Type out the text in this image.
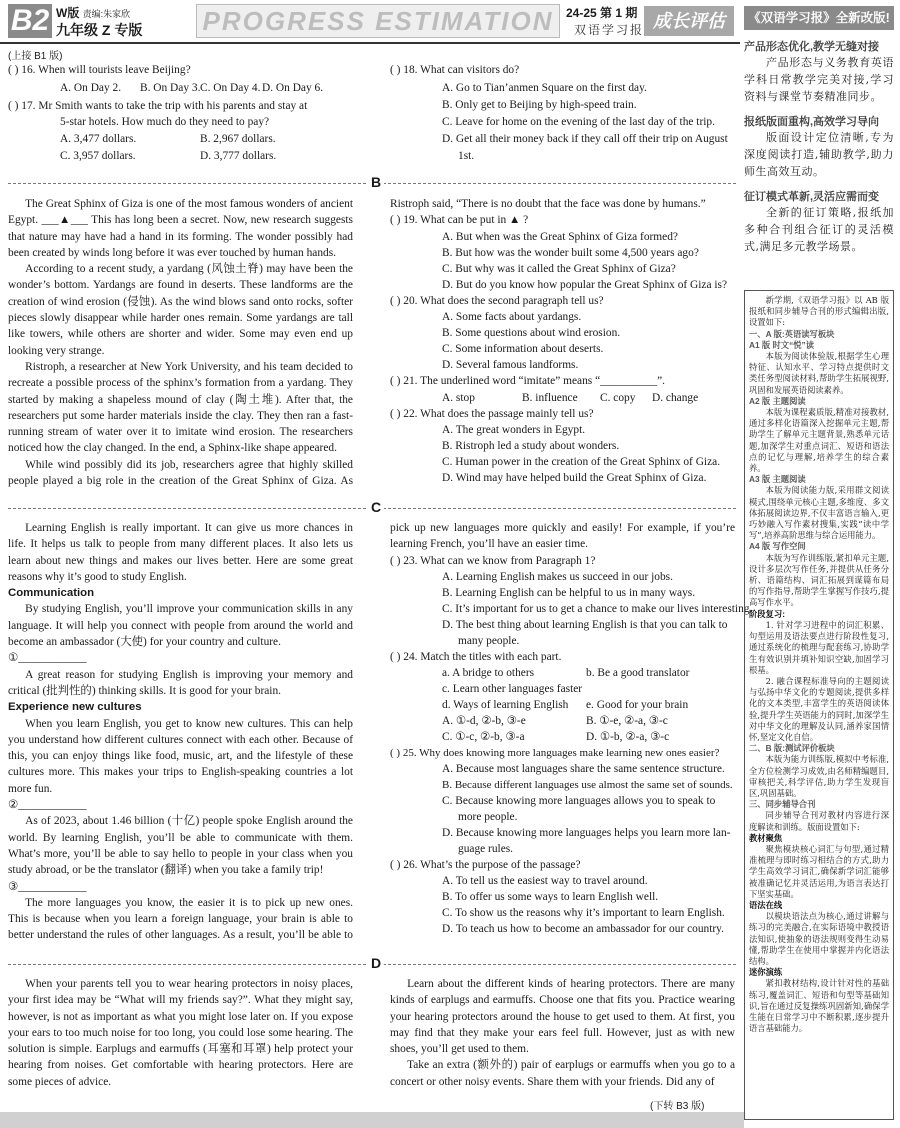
B2 W版 责编:朱家欣
九年级 Z 专版 PROGRESS ESTIMATION	24-25 第 1 期
双语学习报 成长评估
(上接 B1 版)
( ) 16. When will tourists leave Beijing?
A. On Day 2. B. On Day 3. C. On Day 4. D. On Day 6.
( ) 17. Mr Smith wants to take the trip with his parents and stay at
5-star hotels. How much do they need to pay?
A. 3,477 dollars.	B. 2,967 dollars.
C. 3,957 dollars.	D. 3,777 dollars.
( ) 18. What can visitors do?
A. Go to Tian’anmen Square on the first day.
B. Only get to Beijing by high-speed train.
C. Leave for home on the evening of the last day of the trip.
D. Get all their money back if they call off their trip on August
1st.
B

The Great Sphinx of Giza is one of the most famous wonders of ancient Egypt. ___▲___ This has long been a secret. Now, new research suggests that nature may have had a hand in its forming. The wonder possibly had been created by winds long before it was ever touched by human hands.

According to a recent study, a yardang (风蚀土脊) may have been the wonder’s bottom. Yardangs are found in deserts. These landforms are the creation of wind erosion (侵蚀). As the wind blows sand onto rocks, softer pieces slowly disappear while harder ones remain. Some yardangs are tall like towers, while others are shorter and wider. Some may even end up looking very strange.

Ristroph, a researcher at New York University, and his team decided to recreate a possible process of the sphinx’s formation from a yardang. They started by making a shapeless mound of clay (陶土堆). After that, the researchers put some harder materials inside the clay. They then ran a fast-running stream of water over it to imitate wind erosion. The researchers noticed how the clay changed. In the end, a Sphinx-like shape appeared.

While wind possibly did its job, researchers agree that highly skilled people played a big role in the creation of the Great Sphinx of Giza. As

Ristroph said, “There is no doubt that the face was done by humans.”
( ) 19. What can be put in ▲ ?
A. But when was the Great Sphinx of Giza formed?
B. But how was the wonder built some 4,500 years ago?
C. But why was it called the Great Sphinx of Giza?
D. But do you know how popular the Great Sphinx of Giza is?
( ) 20. What does the second paragraph tell us?
A. Some facts about yardangs.
B. Some questions about wind erosion.
C. Some information about deserts.
D. Several famous landforms.
( ) 21. The underlined word “imitate” means “__________”.
A. stop	B. influence C. copy D. change
( ) 22. What does the passage mainly tell us?
A. The great wonders in Egypt.
B. Ristroph led a study about wonders.
C. Human power in the creation of the Great Sphinx of Giza.
D. Wind may have helped build the Great Sphinx of Giza.
C

Learning English is really important. It can give us more chances in life. It helps us talk to people from many different places. It also lets us learn about new things and makes our lives better. Here are some great reasons why it’s good to study English.

Communication

By studying English, you’ll improve your communication skills in any language. It will help you connect with people from around the world and become an ambassador (大使) for your country and culture.

①____________

A great reason for studying English is improving your memory and critical (批判性的) thinking skills. It is good for your brain.

Experience new cultures

When you learn English, you get to know new cultures. This can help you understand how different cultures connect with each other. Because of this, you can enjoy things like food, music, art, and the lifestyle of these cultures more. This makes your trips to English-speaking countries a lot more fun.

②____________

As of 2023, about 1.46 billion (十亿) people spoke English around the world. By learning English, you’ll be able to communicate with them. What’s more, you’ll be able to say hello to people in your class when you study abroad, or be the translator (翻译) when you take a family trip!

③____________

The more languages you know, the easier it is to pick up new ones. This is because when you learn a foreign language, your brain is able to better understand the rules of other languages. As a result, you’ll be able to

pick up new languages more quickly and easily! For example, if you’re learning French, you’ll have an easier time.
( ) 23. What can we know from Paragraph 1?
A. Learning English makes us succeed in our jobs.
B. Learning English can be helpful to us in many ways.
C. It’s important for us to get a chance to make our lives interesting.
D. The best thing about learning English is that you can talk to
many people.
( ) 24. Match the titles with each part.
a. A bridge to others	b. Be a good translator
c. Learn other languages faster
d. Ways of learning English e. Good for your brain
A. ①-d, ②-b, ③-e	B. ①-e, ②-a, ③-c
C. ①-c, ②-b, ③-a	D. ①-b, ②-a, ③-c
( ) 25. Why does knowing more languages make learning new ones easier?
A. Because most languages share the same sentence structure.
B. Because different languages use almost the same set of sounds.
C. Because knowing more languages allows you to speak to
more people.
D. Because knowing more languages helps you learn more lan-
guage rules.
( ) 26. What’s the purpose of the passage?
A. To tell us the easiest way to travel around.
B. To offer us some ways to learn English well.
C. To show us the reasons why it’s important to learn English.
D. To teach us how to become an ambassador for our country.
D

When your parents tell you to wear hearing protectors in noisy places, your first idea may be “What will my friends say?”. What they might say, however, is not as important as what you might lose later on. If you expose your ears to too much noise for too long, you could lose some hearing. The solution is simple. Earplugs and earmuffs (耳塞和耳罩) help protect your hearing from noises. Get comfortable with hearing protectors. Here are some pieces of advice.

Learn about the different kinds of hearing protectors. There are many kinds of earplugs and earmuffs. Choose one that fits you. Practice wearing your hearing protectors around the house to get used to them. At first, you may find that they make your ears feel full. However, just as with new shoes, you’ll get used to them.

Take an extra (额外的) pair of earplugs or earmuffs when you go to a concert or other noisy events. Share them with your friends. Did any of

(下转 B3 版)
《双语学习报》全新改版!
产品形态优化,教学无缝对接

产品形态与义务教育英语学科日常教学完美对接,学习资料与课堂节奏精准同步。

报纸版面重构,高效学习导向

版面设计定位清晰,专为深度阅读打造,辅助教学,助力师生高效互动。

征订模式革新,灵活应需而变

全新的征订策略,报纸加多种合刊组合征订的灵活模式,满足多元教学场景。

新学期,《双语学习报》以 AB 版报纸和同步辅导合刊的形式编辑出版,设置如下:

一、A 版:英语读写板块

A1 版 时文“悦”读

本版为阅读体验版,根据学生心理特征、认知水平、学习特点提供时文类任务型阅读材料,帮助学生拓展视野,巩固和发展英语阅读素养。

A2 版 主题阅读

本版为课程素质版,精准对接教材,通过多样化语篇深入挖掘单元主题,帮助学生了解单元主题背景,熟悉单元话题,加深学生对重点词汇、短语和语法点的记忆与理解,培养学生的综合素养。

A3 版 主题阅读

本版为阅读能力版,采用群文阅读模式,围绕单元核心主题,多维度、多文体拓展阅读边界,不仅丰富语言输入,更巧妙融入写作素材搜集,实践“读中学写”,培养高阶思维与综合运用能力。

A4 版 写作空间

本版为写作训练版,紧扣单元主题,设计多层次写作任务,并提供从任务分析、语篇结构、词汇拓展到谋篇布局的写作指导,帮助学生掌握写作技巧,提高写作水平。

阶段复习:

1. 针对学习进程中的词汇积累、句型运用及语法要点进行阶段性复习,通过系统化的梳理与配套练习,协助学生有效识别并填补知识空缺,加固学习根基。

2. 融合课程标准导向的主题阅读与弘扬中华文化的专题阅读,提供多样化的文本类型,丰富学生的英语阅读体验,提升学生英语能力的同时,加深学生对中华文化的理解及认同,涵养家国情怀,坚定文化自信。

二、B 版:测试评价板块

本版为能力训练版,模拟中考标准,全方位检测学习成效,由名师精编题目,审核把关,科学评估,助力学生发现盲区,巩固基础。

三、同步辅导合刊

同步辅导合刊对教材内容进行深度解读和训练。版面设置如下:

教材聚焦

聚焦模块核心词汇与句型,通过精准梳理与即时练习相结合的方式,助力学生高效学习词汇,确保新学词汇能够被准确记忆并灵活运用,为语言表达打下坚实基础。

语法在线

以模块语法点为核心,通过讲解与练习的完美融合,在实际语境中教授语法知识,使抽象的语法规则变得生动易懂,帮助学生在使用中掌握并内化语法结构。

迷你演练

紧扣教材结构,设计针对性的基础练习,覆盖词汇、短语和句型等基础知识,旨在通过反复操练巩固新知,确保学生能在日常学习中不断积累,逐步提升语言基础能力。
